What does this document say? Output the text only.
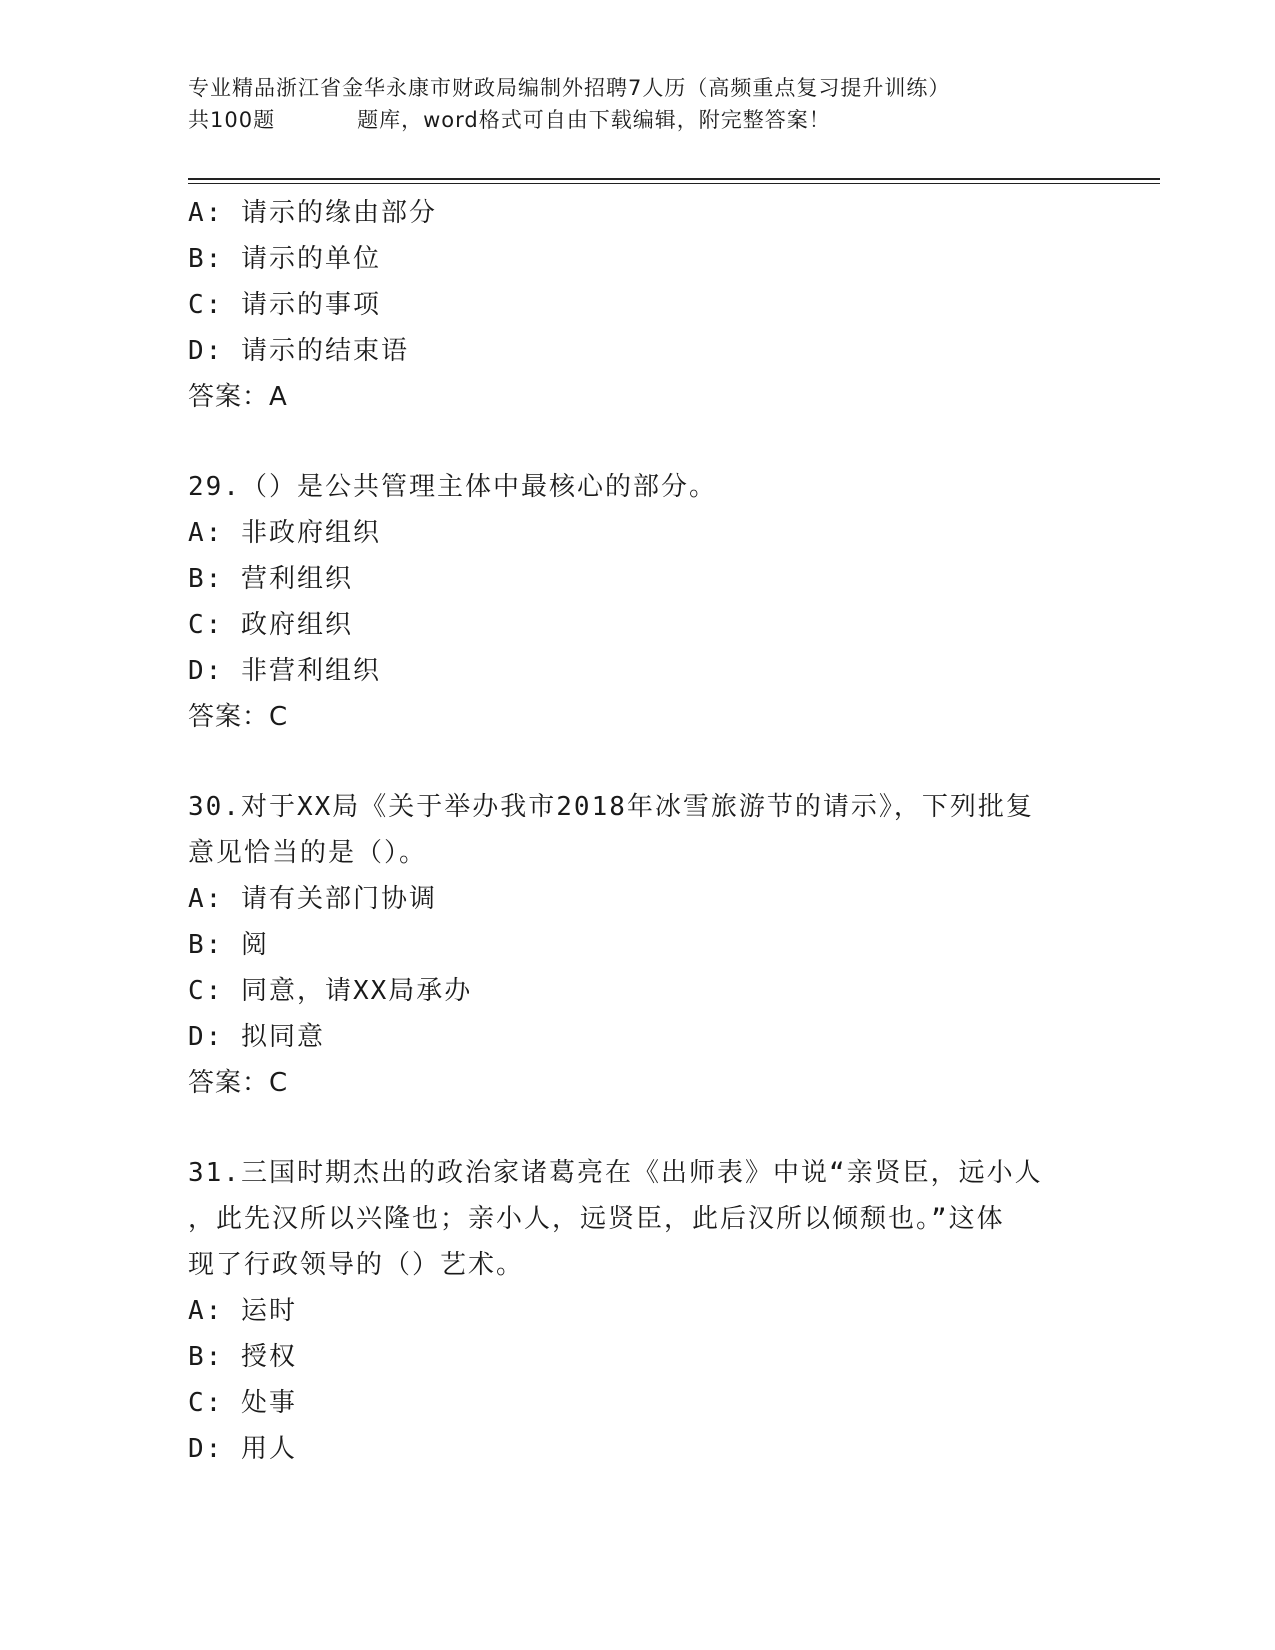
专业精品浙江省金华永康市财政局编制外招聘7人历（高频重点复习提升训练）
共100题	题库，word格式可自由下载编辑，附完整答案！
A: 请示的缘由部分
B: 请示的单位
C: 请示的事项
D: 请示的结束语
答案：A
29.（）是公共管理主体中最核心的部分。
A: 非政府组织
B: 营利组织
C: 政府组织
D: 非营利组织
答案：C
30.对于XX局《关于举办我市2018年冰雪旅游节的请示》，下列批复
意见恰当的是（）。
A: 请有关部门协调
B: 阅
C: 同意，请XX局承办
D: 拟同意
答案：C
31.三国时期杰出的政治家诸葛亮在《出师表》中说“亲贤臣，远小人
，此先汉所以兴隆也；亲小人，远贤臣，此后汉所以倾颓也。”这体
现了行政领导的（）艺术。
A: 运时
B: 授权
C: 处事
D: 用人
